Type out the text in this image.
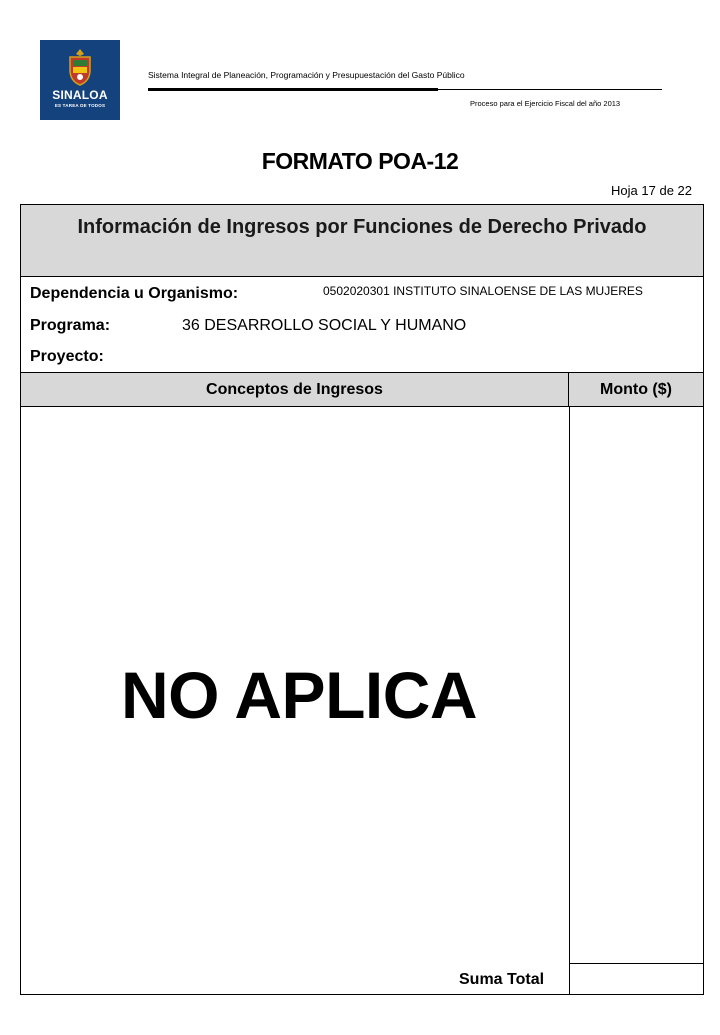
SINALOA
ES TAREA DE TODOS
Sistema Integral de Planeación, Programación y Presupuestación del Gasto Público
Proceso para el Ejercicio Fiscal del año 2013
FORMATO POA-12
Hoja 17 de 22
Información de Ingresos por Funciones de Derecho Privado
Dependencia u Organismo:	0502020301 INSTITUTO SINALOENSE DE LAS MUJERES
Programa:	36 DESARROLLO SOCIAL Y HUMANO
Proyecto:
Conceptos de Ingresos	Monto ($)
NO APLICA
Suma Total
